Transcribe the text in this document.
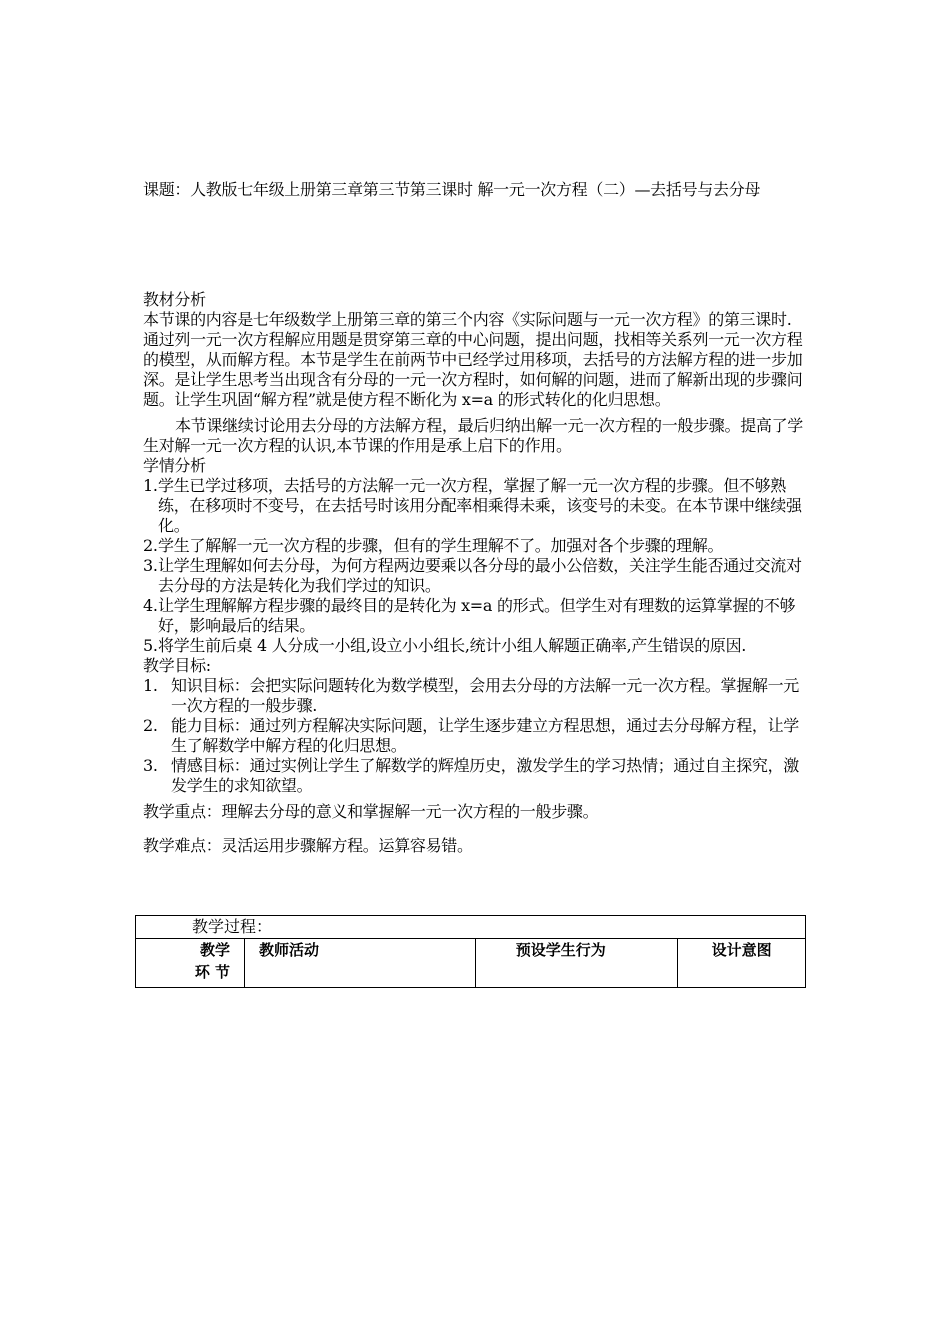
课题：人教版七年级上册第三章第三节第三课时 解一元一次方程（二）—去括号与去分母
教材分析

本节课的内容是七年级数学上册第三章的第三个内容《实际问题与一元一次方程》的第三课时.通过列一元一次方程解应用题是贯穿第三章的中心问题，提出问题，找相等关系列一元一次方程的模型，从而解方程。本节是学生在前两节中已经学过用移项，去括号的方法解方程的进一步加深。是让学生思考当出现含有分母的一元一次方程时，如何解的问题，进而了解新出现的步骤问题。让学生巩固“解方程”就是使方程不断化为 x=a 的形式转化的化归思想。

本节课继续讨论用去分母的方法解方程，最后归纳出解一元一次方程的一般步骤。提高了学生对解一元一次方程的认识,本节课的作用是承上启下的作用。

学情分析
1. 学生已学过移项，去括号的方法解一元一次方程，掌握了解一元一次方程的步骤。但不够熟练，在移项时不变号，在去括号时该用分配率相乘得未乘，该变号的未变。在本节课中继续强化。
2. 学生了解解一元一次方程的步骤，但有的学生理解不了。加强对各个步骤的理解。
3. 让学生理解如何去分母，为何方程两边要乘以各分母的最小公倍数，关注学生能否通过交流对去分母的方法是转化为我们学过的知识。
4. 让学生理解解方程步骤的最终目的是转化为 x=a 的形式。但学生对有理数的运算掌握的不够好，影响最后的结果。
5. 将学生前后桌 4 人分成一小组,设立小小组长,统计小组人解题正确率,产生错误的原因.
教学目标:
1. 知识目标：会把实际问题转化为数学模型，会用去分母的方法解一元一次方程。掌握解一元一次方程的一般步骤.
2. 能力目标：通过列方程解决实际问题，让学生逐步建立方程思想，通过去分母解方程，让学生了解数学中解方程的化归思想。
3. 情感目标：通过实例让学生了解数学的辉煌历史，激发学生的学习热情；通过自主探究，激发学生的求知欲望。

教学重点：理解去分母的意义和掌握解一元一次方程的一般步骤。

教学难点：灵活运用步骤解方程。运算容易错。

教学过程：
教学
环 节	教师活动	预设学生行为	设计意图
